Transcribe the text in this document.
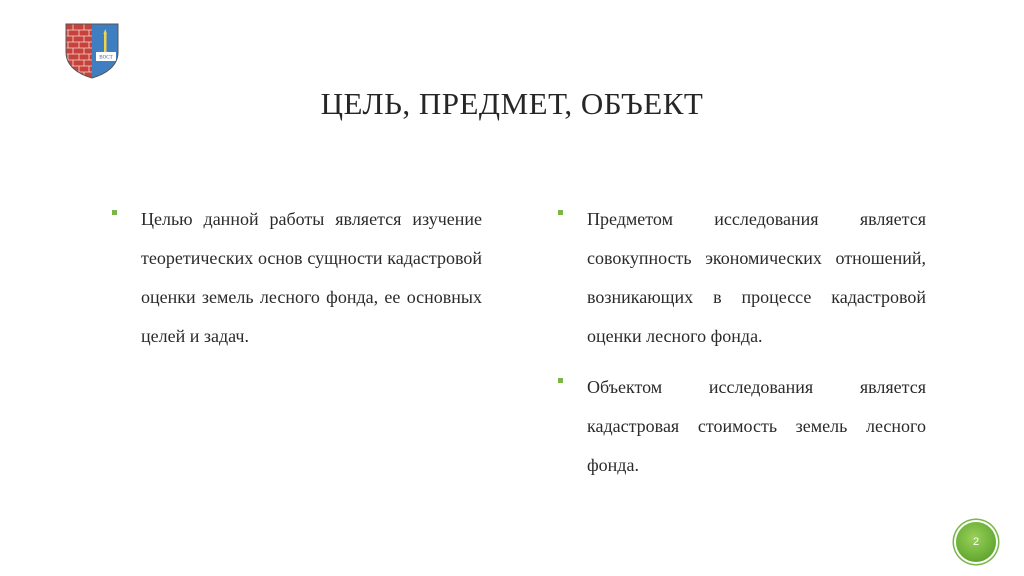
ВОСТ
ЦЕЛЬ, ПРЕДМЕТ, ОБЪЕКТ
Целью данной работы является изучение теоретических основ сущности кадастровой оценки земель лесного фонда, ее основных целей и задач.
Предметом исследования является совокупность экономических отношений, возникающих в процессе кадастровой оценки лесного фонда.
Объектом исследования является кадастровая стоимость земель лесного фонда.
2
